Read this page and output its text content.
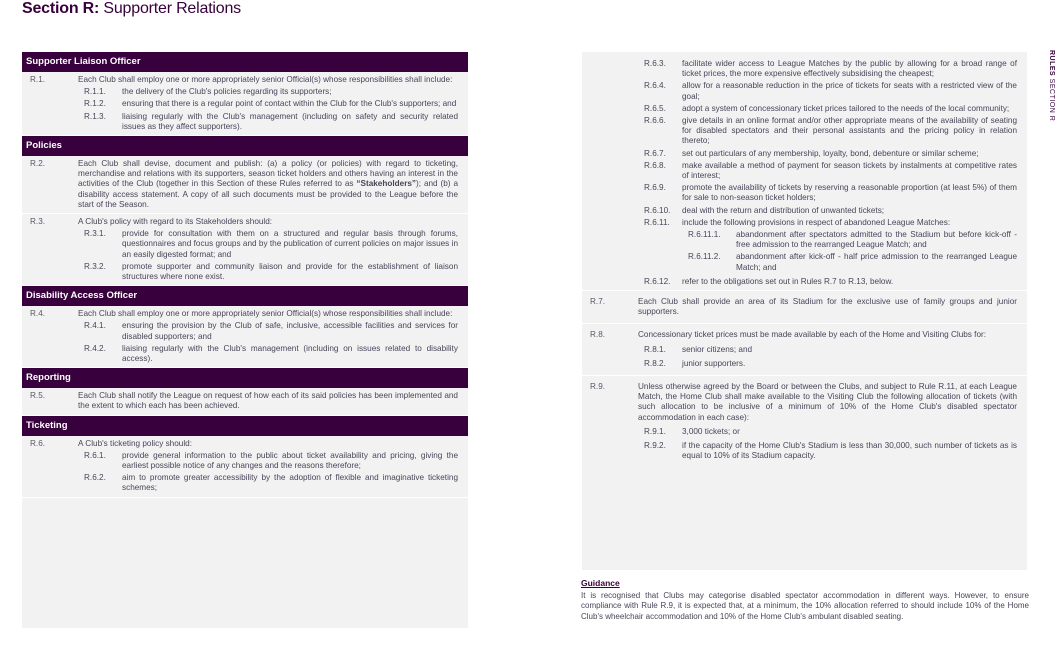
Section R: Supporter Relations
RULES SECTION R
Supporter Liaison Officer
R.1.	Each Club shall employ one or more appropriately senior Official(s) whose responsibilities shall include:
R.1.1.	the delivery of the Club's policies regarding its supporters;
R.1.2.	ensuring that there is a regular point of contact within the Club for the Club's supporters; and
R.1.3.	liaising regularly with the Club's management (including on safety and security related issues as they affect supporters).
Policies
R.2.	Each Club shall devise, document and publish: (a) a policy (or policies) with regard to ticketing, merchandise and relations with its supporters, season ticket holders and others having an interest in the activities of the Club (together in this Section of these Rules referred to as “Stakeholders”); and (b) a disability access statement. A copy of all such documents must be provided to the League before the start of the Season.
R.3.	A Club's policy with regard to its Stakeholders should:
R.3.1.	provide for consultation with them on a structured and regular basis through forums, questionnaires and focus groups and by the publication of current policies on major issues in an easily digested format; and
R.3.2.	promote supporter and community liaison and provide for the establishment of liaison structures where none exist.
Disability Access Officer
R.4.	Each Club shall employ one or more appropriately senior Official(s) whose responsibilities shall include:
R.4.1.	ensuring the provision by the Club of safe, inclusive, accessible facilities and services for disabled supporters; and
R.4.2.	liaising regularly with the Club's management (including on issues related to disability access).
Reporting
R.5.	Each Club shall notify the League on request of how each of its said policies has been implemented and the extent to which each has been achieved.
Ticketing
R.6.	A Club's ticketing policy should:
R.6.1.	provide general information to the public about ticket availability and pricing, giving the earliest possible notice of any changes and the reasons therefore;
R.6.2.	aim to promote greater accessibility by the adoption of flexible and imaginative ticketing schemes;
R.6.3.	facilitate wider access to League Matches by the public by allowing for a broad range of ticket prices, the more expensive effectively subsidising the cheapest;
R.6.4.	allow for a reasonable reduction in the price of tickets for seats with a restricted view of the goal;
R.6.5.	adopt a system of concessionary ticket prices tailored to the needs of the local community;
R.6.6.	give details in an online format and/or other appropriate means of the availability of seating for disabled spectators and their personal assistants and the pricing policy in relation thereto;
R.6.7.	set out particulars of any membership, loyalty, bond, debenture or similar scheme;
R.6.8.	make available a method of payment for season tickets by instalments at competitive rates of interest;
R.6.9.	promote the availability of tickets by reserving a reasonable proportion (at least 5%) of them for sale to non-season ticket holders;
R.6.10.	deal with the return and distribution of unwanted tickets;
R.6.11.	include the following provisions in respect of abandoned League Matches:
R.6.11.1.	abandonment after spectators admitted to the Stadium but before kick-off - free admission to the rearranged League Match; and
R.6.11.2.	abandonment after kick-off - half price admission to the rearranged League Match; and
R.6.12.	refer to the obligations set out in Rules R.7 to R.13, below.
R.7.	Each Club shall provide an area of its Stadium for the exclusive use of family groups and junior supporters.
R.8.	Concessionary ticket prices must be made available by each of the Home and Visiting Clubs for:
R.8.1.	senior citizens; and
R.8.2.	junior supporters.
R.9.	Unless otherwise agreed by the Board or between the Clubs, and subject to Rule R.11, at each League Match, the Home Club shall make available to the Visiting Club the following allocation of tickets (with such allocation to be inclusive of a minimum of 10% of the Home Club's disabled spectator accommodation in each case):
R.9.1.	3,000 tickets; or
R.9.2.	if the capacity of the Home Club's Stadium is less than 30,000, such number of tickets as is equal to 10% of its Stadium capacity.
Guidance
It is recognised that Clubs may categorise disabled spectator accommodation in different ways. However, to ensure compliance with Rule R.9, it is expected that, at a minimum, the 10% allocation referred to should include 10% of the Home Club's wheelchair accommodation and 10% of the Home Club's ambulant disabled seating.
